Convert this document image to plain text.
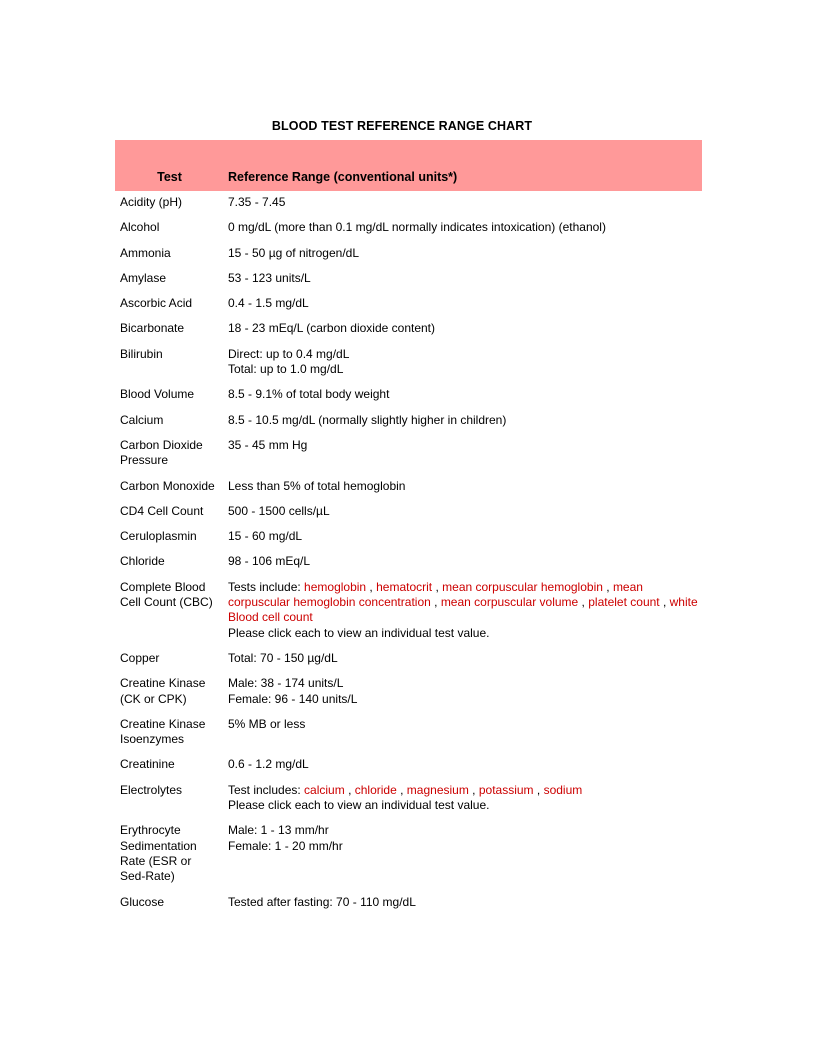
BLOOD TEST REFERENCE RANGE CHART
Test	Reference Range (conventional units*)
Acidity (pH)	7.35 - 7.45

Alcohol	0 mg/dL (more than 0.1 mg/dL normally indicates intoxication) (ethanol)

Ammonia	15 - 50 µg of nitrogen/dL

Amylase	53 - 123 units/L

Ascorbic Acid	0.4 - 1.5 mg/dL

Bicarbonate	18 - 23 mEq/L (carbon dioxide content)

Bilirubin	Direct: up to 0.4 mg/dL
Total: up to 1.0 mg/dL

Blood Volume	8.5 - 9.1% of total body weight

Calcium	8.5 - 10.5 mg/dL (normally slightly higher in children)

Carbon Dioxide Pressure	35 - 45 mm Hg

Carbon Monoxide	Less than 5% of total hemoglobin

CD4 Cell Count	500 - 1500 cells/µL

Ceruloplasmin	15 - 60 mg/dL

Chloride	98 - 106 mEq/L

Complete Blood Cell Count (CBC)	Tests include: hemoglobin , hematocrit , mean corpuscular hemoglobin , mean corpuscular hemoglobin concentration , mean corpuscular volume , platelet count , white Blood cell count
Please click each to view an individual test value.

Copper	Total: 70 - 150 µg/dL

Creatine Kinase (CK or CPK)	Male: 38 - 174 units/L
Female: 96 - 140 units/L

Creatine Kinase Isoenzymes	5% MB or less

Creatinine	0.6 - 1.2 mg/dL

Electrolytes	Test includes: calcium , chloride , magnesium , potassium , sodium
Please click each to view an individual test value.

Erythrocyte Sedimentation Rate (ESR or Sed-Rate)	Male: 1 - 13 mm/hr
Female: 1 - 20 mm/hr

Glucose	Tested after fasting: 70 - 110 mg/dL
